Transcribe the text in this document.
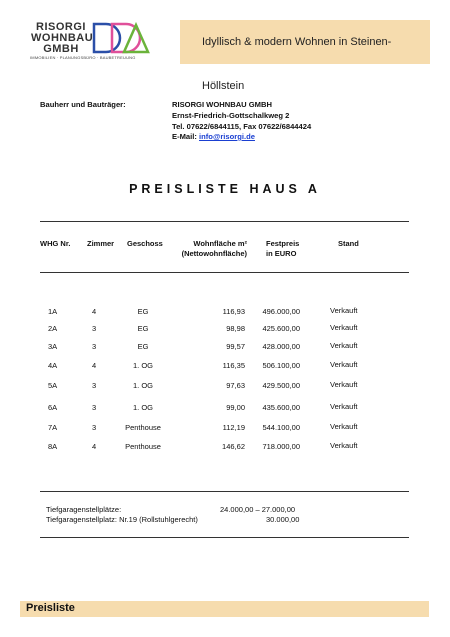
RISORGI
WOHNBAU
GMBH
IMMOBILIEN · PLANUNGSBÜRO · BAUBETREUUNG
Idyllisch & modern Wohnen in Steinen-Höllstein
Bauherr und Bauträger:	RISORGI WOHNBAU GMBH
Ernst-Friedrich-Gottschalkweg 2
Tel. 07622/6844115, Fax 07622/6844424
E-Mail: info@risorgi.de
PREISLISTE HAUS A
WHG Nr. Zimmer Geschoss	Wohnfläche m²
(Nettowohnfläche)
Festpreis
in EURO
Stand
1A	4	EG	116,93	496.000,00	Verkauft
2A	3	EG	98,98	425.600,00	Verkauft
3A	3	EG	99,57	428.000,00	Verkauft
4A	4	1. OG	116,35	506.100,00	Verkauft
5A	3	1. OG	97,63	429.500,00	Verkauft
6A	3	1. OG	99,00	435.600,00	Verkauft
7A	3	Penthouse	112,19	544.100,00	Verkauft
8A	4	Penthouse	146,62	718.000,00	Verkauft
Tiefgaragenstellplätze:	24.000,00 – 27.000,00
Tiefgaragenstellplatz: Nr.19 (Rollstuhlgerecht)	30.000,00
Preisliste
